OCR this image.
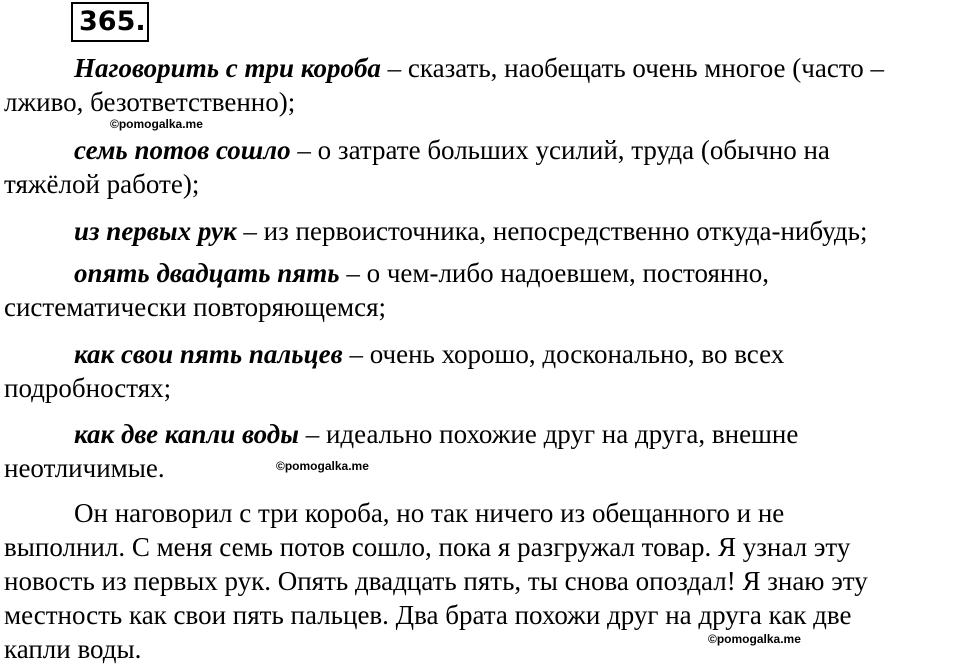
365.
Наговорить с три короба – сказать, наобещать очень многое (часто –
лживо, безответственно);
©pomogalka.me
семь потов сошло – о затрате больших усилий, труда (обычно на
тяжёлой работе);
из первых рук – из первоисточника, непосредственно откуда-нибудь;
опять двадцать пять – о чем-либо надоевшем, постоянно,
систематически повторяющемся;
как свои пять пальцев – очень хорошо, досконально, во всех
подробностях;
как две капли воды – идеально похожие друг на друга, внешне
неотличимые.	©pomogalka.me
Он наговорил с три короба, но так ничего из обещанного и не
выполнил. С меня семь потов сошло, пока я разгружал товар. Я узнал эту
новость из первых рук. Опять двадцать пять, ты снова опоздал! Я знаю эту
местность как свои пять пальцев. Два брата похожи друг на друга как две
капли воды.	©pomogalka.me
